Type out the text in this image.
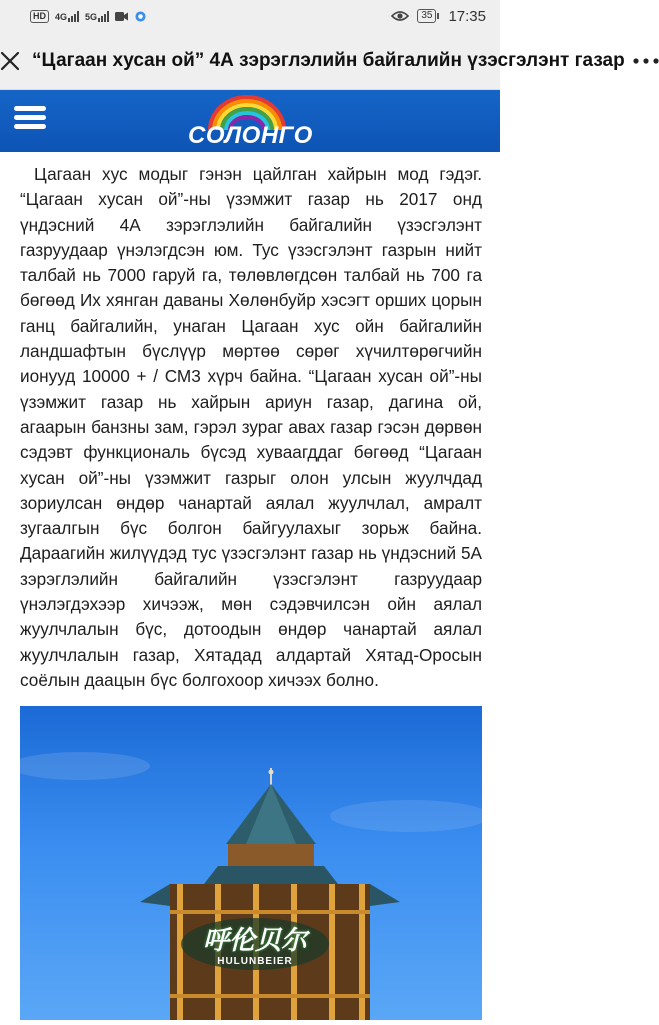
HD	4G 5G	35 17:35
“Цагаан хусан ой” 4А зэрэглэлийн байгалийн үзэсгэлэнт газар
СОЛОНГО

Цагаан хус модыг гэнэн цайлган хайрын мод гэдэг. “Цагаан хусан ой”-ны үзэмжит газар нь 2017 онд үндэсний 4А зэрэглэлийн байгалийн үзэсгэлэнт газруудаар үнэлэгдсэн юм. Тус үзэсгэлэнт газрын нийт талбай нь 7000 гаруй га, төлөвлөгдсөн талбай нь 700 га бөгөөд Их хянган даваны Хөлөнбуйр хэсэгт орших цорын ганц байгалийн, унаган Цагаан хус ойн байгалийн ландшафтын бүслүүр мөртөө сөрөг хүчилтөрөгчийн ионууд 10000 + / СМ3 хүрч байна. “Цагаан хусан ой”-ны үзэмжит газар нь хайрын ариун газар, дагина ой, агаарын банзны зам, гэрэл зураг авах газар гэсэн дөрвөн сэдэвт функциональ бүсэд хуваагддаг бөгөөд “Цагаан хусан ой”-ны үзэмжит газрыг олон улсын жуулчдад зориулсан өндөр чанартай аялал жуулчлал, амралт зугаалгын бүс болгон байгуулахыг зорьж байна. Дараагийн жилүүдэд тус үзэсгэлэнт газар нь үндэсний 5А зэрэглэлийн байгалийн үзэсгэлэнт газруудаар үнэлэгдэхээр хичээж, мөн сэдэвчилсэн ойн аялал жуулчлалын бүс, дотоодын өндөр чанартай аялал жуулчлалын газар, Хятадад алдартай Хятад-Оросын соёлын даацын бүс болгохоор хичээх болно.

呼伦贝尔
HULUNBEIER
